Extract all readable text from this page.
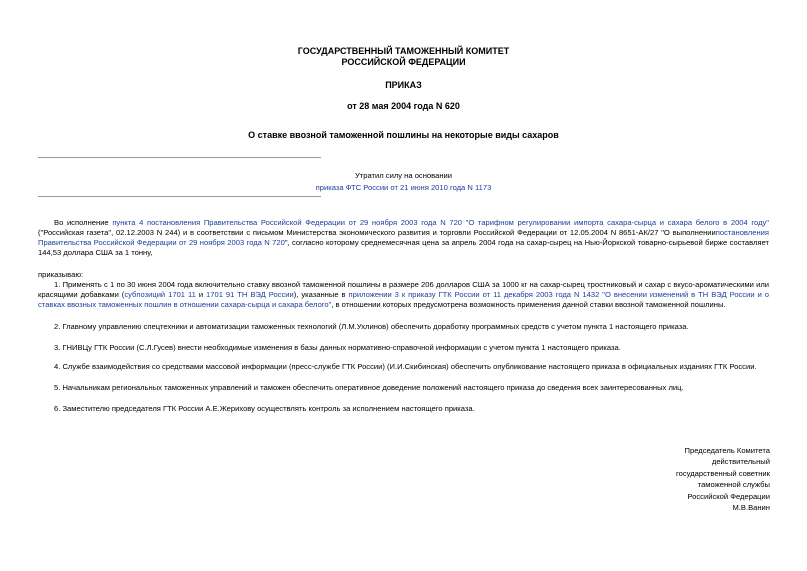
ГОСУДАРСТВЕННЫЙ ТАМОЖЕННЫЙ КОМИТЕТ
РОССИЙСКОЙ ФЕДЕРАЦИИ
ПРИКАЗ
от 28 мая 2004 года N 620
О ставке ввозной таможенной пошлины на некоторые виды сахаров
Утратил силу на основании
приказа ФТС России от 21 июня 2010 года N 1173

Во исполнение пункта 4 постановления Правительства Российской Федерации от 29 ноября 2003 года N 720 "О тарифном регулировании импорта сахара-сырца и сахара белого в 2004 году" ("Российская газета", 02.12.2003 N 244) и в соответствии с письмом Министерства экономического развития и торговли Российской Федерации от 12.05.2004 N 8651-АК/27 "О выполнениипостановления Правительства Российской Федерации от 29 ноября 2003 года N 720", согласно которому среднемесячная цена за апрель 2004 года на сахар-сырец на Нью-Йоркской товарно-сырьевой бирже составляет 144,53 доллара США за 1 тонну,

приказываю:

1. Применять с 1 по 30 июня 2004 года включительно ставку ввозной таможенной пошлины в размере 206 долларов США за 1000 кг на сахар-сырец тростниковый и сахар с вкусо-ароматическими или красящими добавками (субпозиций 1701 11 и 1701 91 ТН ВЭД России), указанные в приложении 3 к приказу ГТК России от 11 декабря 2003 года N 1432 "О внесении изменений в ТН ВЭД России и о ставках ввозных таможенных пошлин в отношении сахара-сырца и сахара белого", в отношении которых предусмотрена возможность применения данной ставки ввозной таможенной пошлины.

2. Главному управлению спецтехники и автоматизации таможенных технологий (Л.М.Ухлинов) обеспечить доработку программных средств с учетом пункта 1 настоящего приказа.

3. ГНИВЦу ГТК России (С.Л.Гусев) внести необходимые изменения в базы данных нормативно-справочной информации с учетом пункта 1 настоящего приказа.

4. Службе взаимодействия со средствами массовой информации (пресс-службе ГТК России) (И.И.Скибинская) обеспечить опубликование настоящего приказа в официальных изданиях ГТК России.

5. Начальникам региональных таможенных управлений и таможен обеспечить оперативное доведение положений настоящего приказа до сведения всех заинтересованных лиц.

6. Заместителю председателя ГТК России А.Е.Жерихову осуществлять контроль за исполнением настоящего приказа.

Председатель Комитета
действительный
государственный советник
таможенной службы
Российской Федерации
М.В.Ванин
